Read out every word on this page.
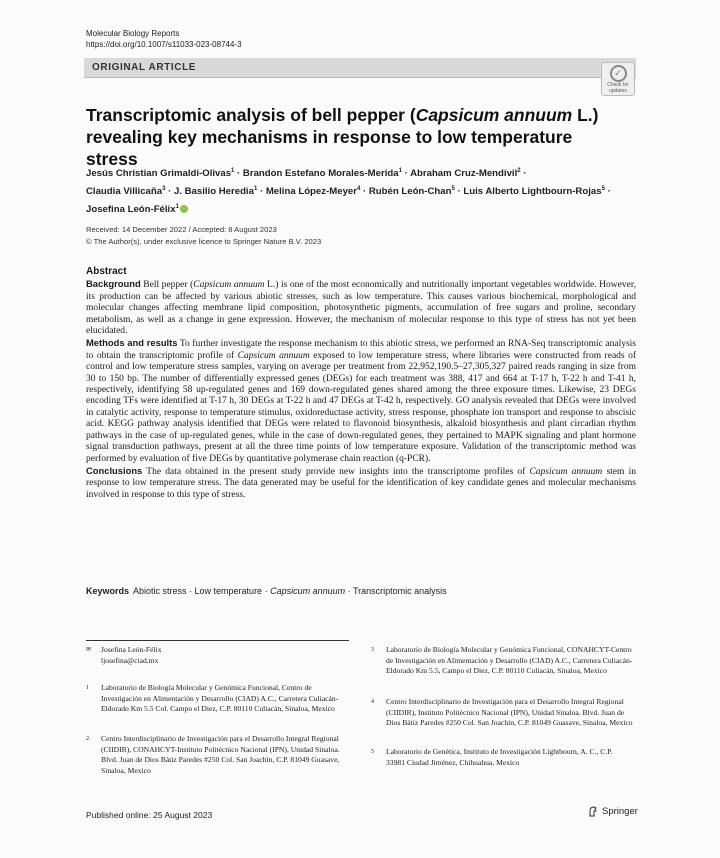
Molecular Biology Reports
https://doi.org/10.1007/s11033-023-08744-3
ORIGINAL ARTICLE	✓
Check for
updates
Transcriptomic analysis of bell pepper (Capsicum annuum L.) revealing key mechanisms in response to low temperature stress
Jesús Christian Grimaldi-Olivas$^1$ · Brandon Estefano Morales-Merida$^1$ · Abraham Cruz-Mendívil$^2$ ·
Claudia Villicaña$^3$ · J. Basilio Heredia$^1$ · Melina López-Meyer$^4$ · Rubén León-Chan$^5$ · Luis Alberto Lightbourn-Rojas$^5$ ·
Josefina León-Félix$^1$
Received: 14 December 2022 / Accepted: 8 August 2023
© The Author(s), under exclusive licence to Springer Nature B.V. 2023
Abstract

Background Bell pepper (Capsicum annuum L.) is one of the most economically and nutritionally important vegetables worldwide. However, its production can be affected by various abiotic stresses, such as low temperature. This causes various biochemical, morphological and molecular changes affecting membrane lipid composition, photosynthetic pigments, accumulation of free sugars and proline, secondary metabolism, as well as a change in gene expression. However, the mechanism of molecular response to this type of stress has not yet been elucidated.

Methods and results To further investigate the response mechanism to this abiotic stress, we performed an RNA-Seq transcriptomic analysis to obtain the transcriptomic profile of Capsicum annuum exposed to low temperature stress, where libraries were constructed from reads of control and low temperature stress samples, varying on average per treatment from 22,952,190.5–27,305,327 paired reads ranging in size from 30 to 150 bp. The number of differentially expressed genes (DEGs) for each treatment was 388, 417 and 664 at T-17 h, T-22 h and T-41 h, respectively, identifying 58 up-regulated genes and 169 down-regulated genes shared among the three exposure times. Likewise, 23 DEGs encoding TFs were identified at T-17 h, 30 DEGs at T-22 h and 47 DEGs at T-42 h, respectively. GO analysis revealed that DEGs were involved in catalytic activity, response to temperature stimulus, oxidoreductase activity, stress response, phosphate ion transport and response to abscisic acid. KEGG pathway analysis identified that DEGs were related to flavonoid biosynthesis, alkaloid biosynthesis and plant circadian rhythm pathways in the case of up-regulated genes, while in the case of down-regulated genes, they pertained to MAPK signaling and plant hormone signal transduction pathways, present at all the three time points of low temperature exposure. Validation of the transcriptomic method was performed by evaluation of five DEGs by quantitative polymerase chain reaction (q-PCR).

Conclusions The data obtained in the present study provide new insights into the transcriptome profiles of Capsicum annuum stem in response to low temperature stress. The data generated may be useful for the identification of key candidate genes and molecular mechanisms involved in response to this type of stress.

Keywords Abiotic stress · Low temperature · Capsicum annuum · Transcriptomic analysis
✉ Josefina León-Félix
ljosefina@ciad.mx
1 Laboratorio de Biología Molecular y Genómica Funcional, Centro de Investigación en Alimentación y Desarrollo (CIAD) A.C., Carretera Culiacán-Eldorado Km 5.5 Col. Campo el Diez, C.P. 80110 Culiacán, Sinaloa, Mexico
2 Centro Interdisciplinario de Investigación para el Desarrollo Integral Regional (CIIDIR), CONAHCYT-Instituto Politécnico Nacional (IPN), Unidad Sinaloa. Blvd. Juan de Dios Bátiz Paredes #250 Col. San Joachin, C.P. 81049 Guasave, Sinaloa, Mexico
3 Laboratorio de Biología Molecular y Genómica Funcional, CONAHCYT-Centro de Investigación en Alimentación y Desarrollo (CIAD) A.C., Carretera Culiacán-Eldorado Km 5.5, Campo el Diez, C.P. 80110 Culiacán, Sinaloa, Mexico
4 Centro Interdisciplinario de Investigación para el Desarrollo Integral Regional (CIIDIR), Instituto Politécnico Nacional (IPN), Unidad Sinaloa. Blvd. Juan de Dios Bátiz Paredes #250 Col. San Joachin, C.P. 81049 Guasave, Sinaloa, Mexico
5 Laboratorio de Genética, Instituto de Investigación Lightbourn, A. C., C.P. 33981 Ciudad Jiménez, Chihuahua, Mexico
Published online: 25 August 2023	Springer
